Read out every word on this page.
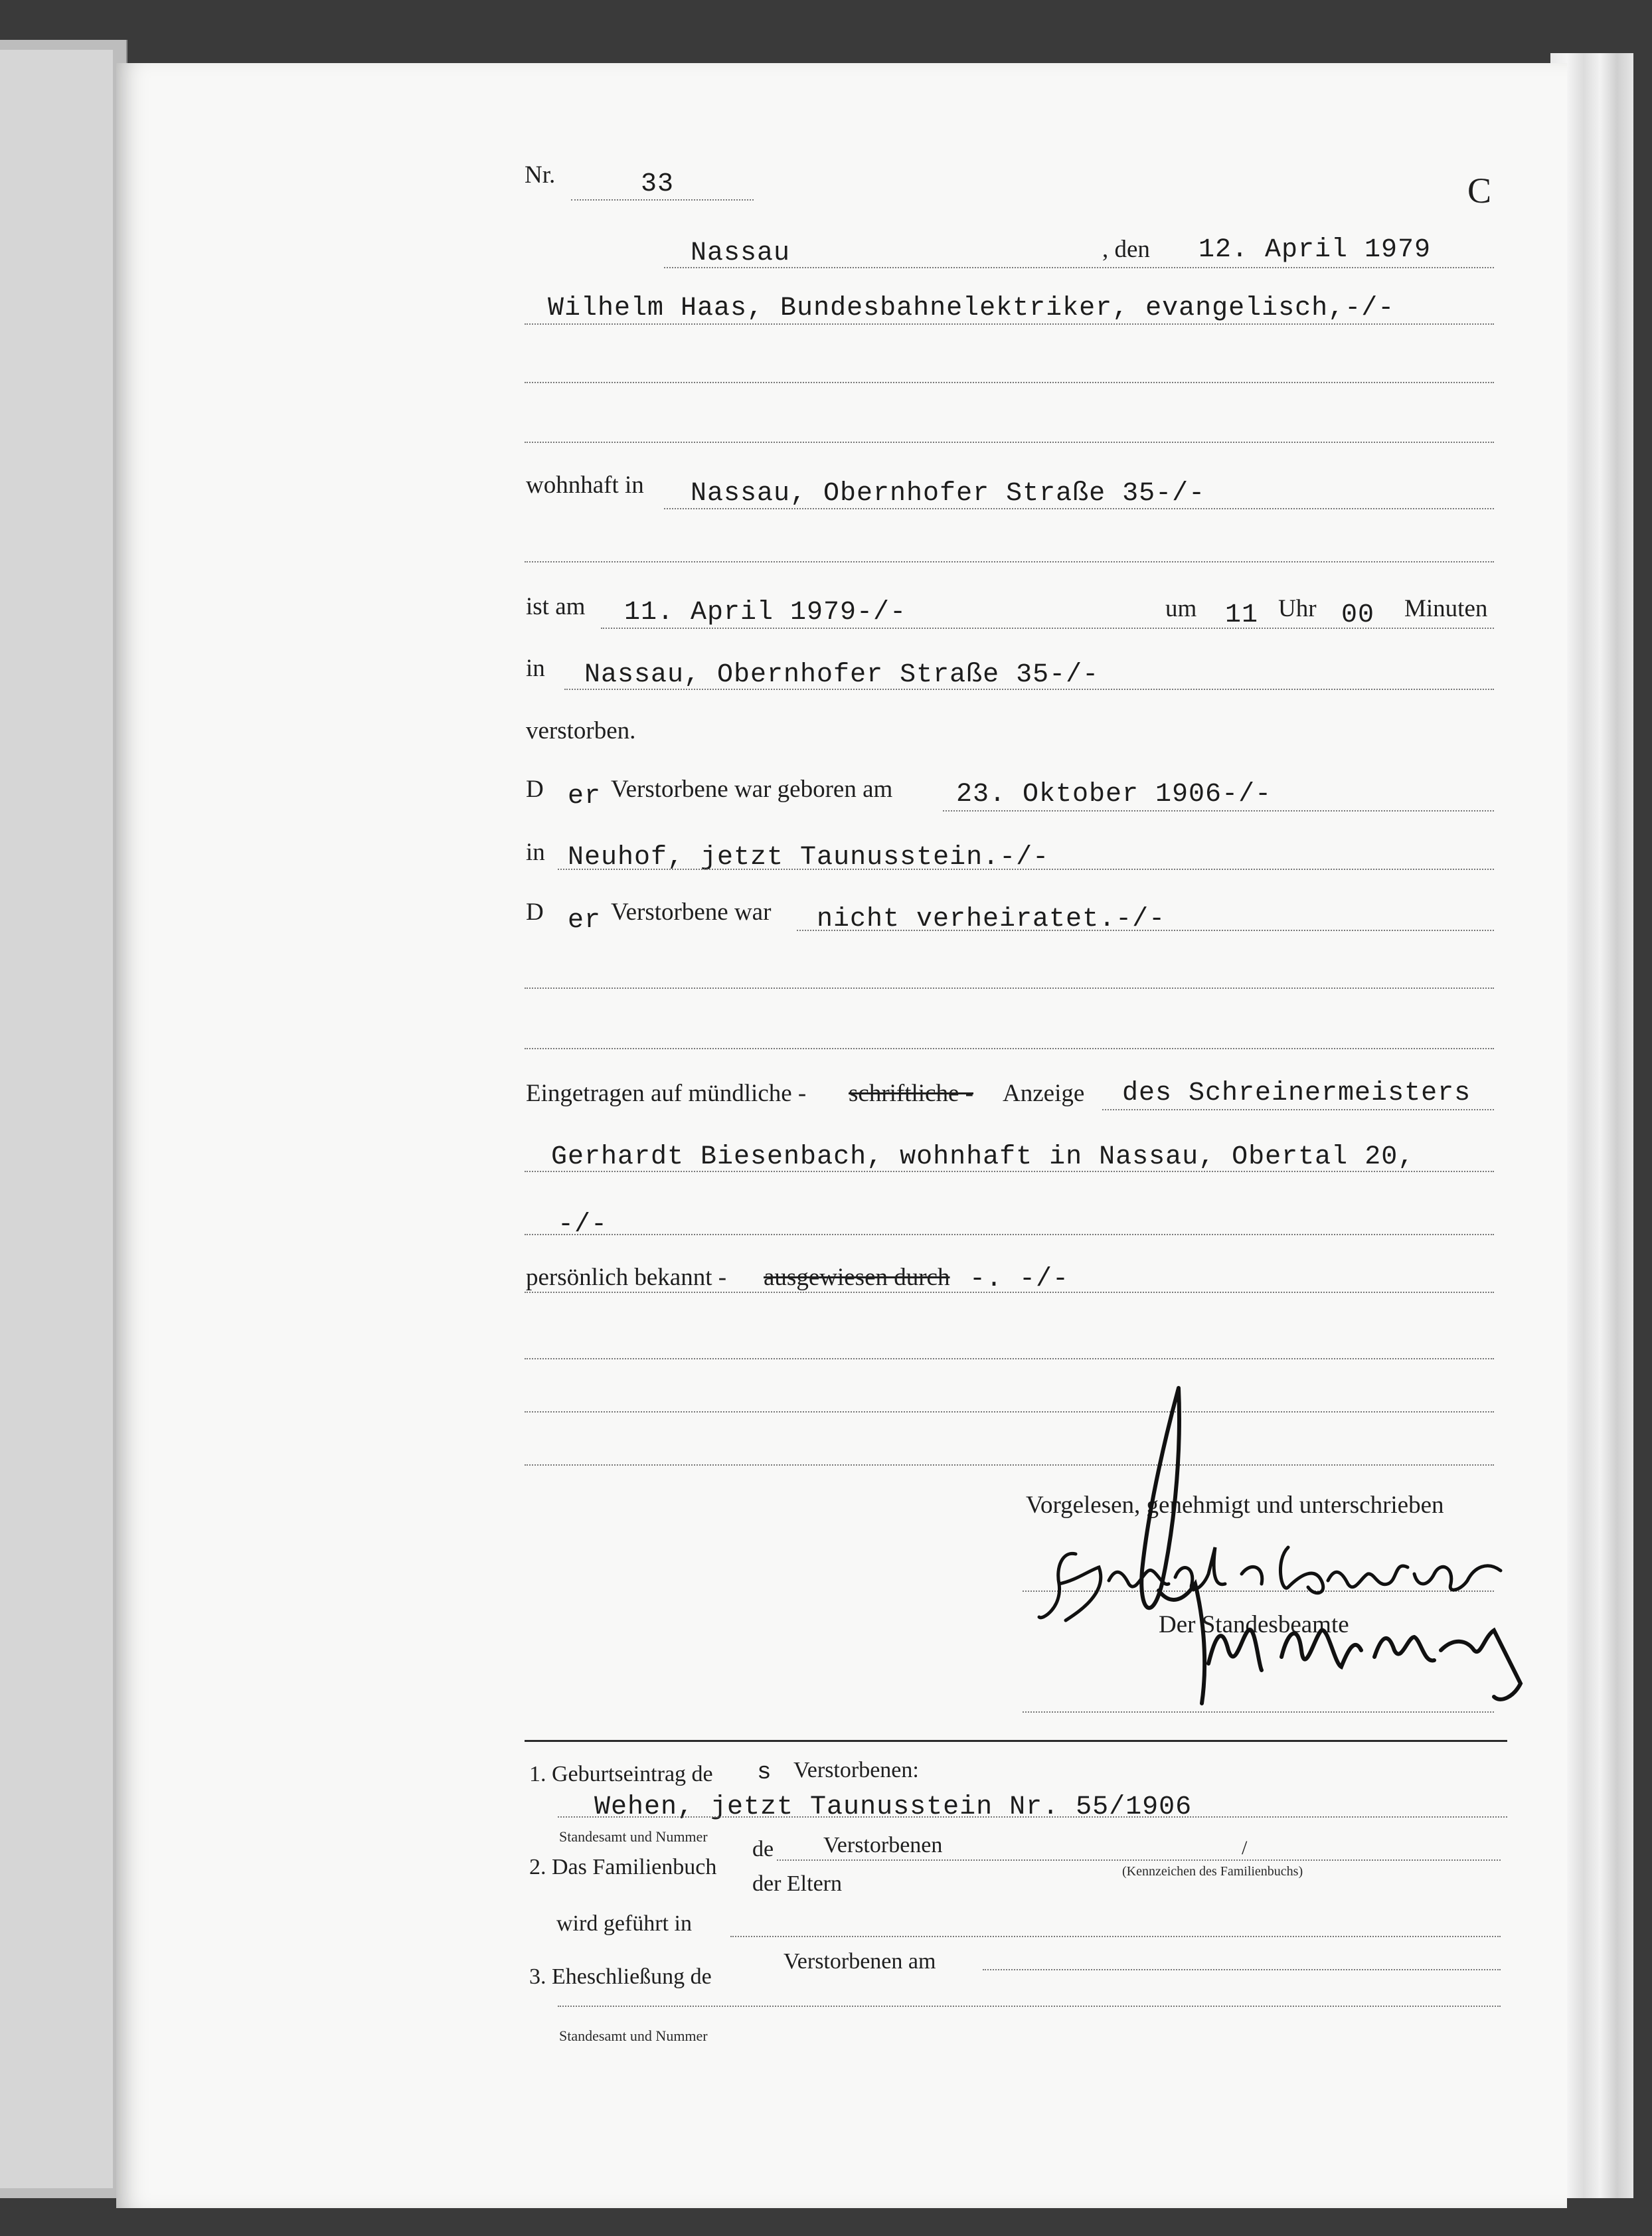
Nr.	33	C
Nassau	, den 12. April 1979
Wilhelm Haas, Bundesbahnelektriker, evangelisch,-/-
wohnhaft in Nassau, Obernhofer Straße 35-/-
ist am 11. April 1979-/-	um 11 Uhr 00 Minuten
in Nassau, Obernhofer Straße 35-/-
verstorben.
D er Verstorbene war geboren am 23. Oktober 1906-/-
in Neuhof, jetzt Taunusstein.-/-
D er Verstorbene war nicht verheiratet.-/-
Eingetragen auf mündliche - schriftliche - Anzeige des Schreinermeisters
Gerhardt Biesenbach, wohnhaft in Nassau, Obertal 20,
-/-
persönlich bekannt - ausgewiesen durch -. -/-
Vorgelesen, genehmigt und unterschrieben
Der Standesbeamte
1. Geburtseintrag de s Verstorbenen:
Wehen, jetzt Taunusstein Nr. 55/1906
Standesamt und Nummer
2. Das Familienbuch
de Verstorbenen	/
der Eltern	(Kennzeichen des Familienbuchs)
wird geführt in
3. Eheschließung de
Verstorbenen am
Standesamt und Nummer
